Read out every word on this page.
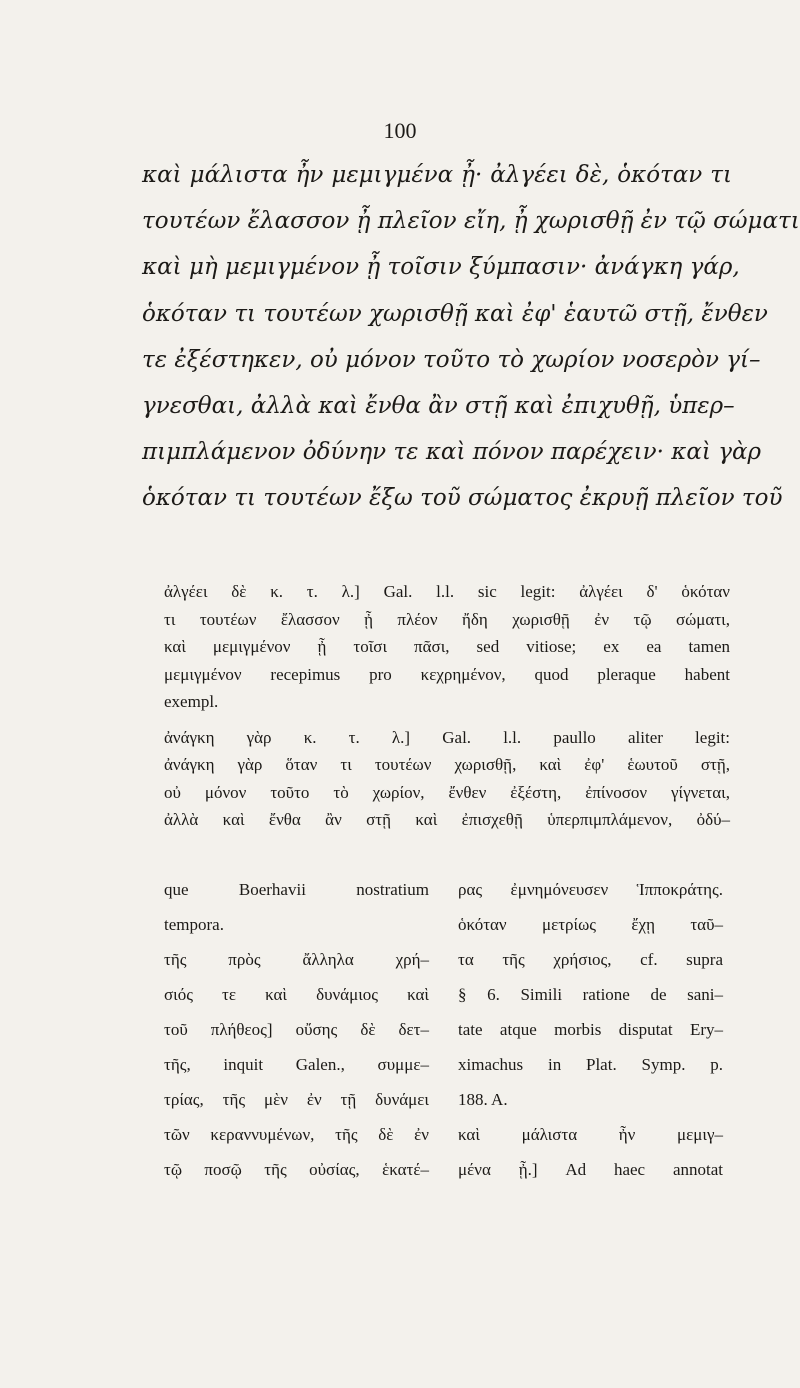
100
καὶ μάλιστα ἦν μεμιγμένα ᾖ· ἀλγέει δὲ, ὁκόταν τι
τουτέων ἔλασσον ᾖ πλεῖον εἴη, ᾖ χωρισθῇ ἐν τῷ σώματι
καὶ μὴ μεμιγμένον ᾖ τοῖσιν ξύμπασιν· ἀνάγκη γάρ,
ὁκόταν τι τουτέων χωρισθῇ καὶ ἐφ' ἑαυτῶ στῇ, ἔνθεν
τε ἐξέστηκεν, οὐ μόνον τοῦτο τὸ χωρίον νοσερὸν γί–
γνεσθαι, ἀλλὰ καὶ ἔνθα ἂν στῇ καὶ ἐπιχυθῇ, ὑπερ–
πιμπλάμενον ὀδύνην τε καὶ πόνον παρέχειν· καὶ γὰρ
ὁκόταν τι τουτέων ἔξω τοῦ σώματος ἐκρυῇ πλεῖον τοῦ
ἀλγέει δὲ κ. τ. λ.] Gal. l.l. sic legit: ἀλγέει δ' ὁκόταν
τι τουτέων ἔλασσον ᾖ πλέον ἤδη χωρισθῇ ἐν τῷ σώματι,
καὶ μεμιγμένον ᾖ τοῖσι πᾶσι, sed vitiose; ex ea tamen
μεμιγμένον recepimus pro κεχρημένον, quod pleraque habent
exempl.
ἀνάγκη γὰρ κ. τ. λ.] Gal. l.l. paullo aliter legit:
ἀνάγκη γὰρ ὅταν τι τουτέων χωρισθῇ, καὶ ἐφ' ἑωυτοῦ στῇ,
οὐ μόνον τοῦτο τὸ χωρίον, ἔνθεν ἐξέστη, ἐπίνοσον γίγνεται,
ἀλλὰ καὶ ἔνθα ἂν στῇ καὶ ἐπισχεθῇ ὑπερπιμπλάμενον, ὀδύ–
que Boerhavii nostratium
tempora.
τῆς πρὸς ἄλληλα χρή–
σιός τε καὶ δυνάμιος καὶ
τοῦ πλήθεος] οὔσης δὲ δετ–
τῆς, inquit Galen., συμμε–
τρίας, τῆς μὲν ἐν τῇ δυνάμει
τῶν κεραννυμένων, τῆς δὲ ἐν
τῷ ποσῷ τῆς οὐσίας, ἑκατέ–
ρας ἐμνημόνευσεν Ἱπποκράτης.
ὁκόταν μετρίως ἔχῃ ταῦ–
τα τῆς χρήσιος, cf. supra
§ 6. Simili ratione de sani–
tate atque morbis disputat Ery–
ximachus in Plat. Symp. p.
188. A.
καὶ μάλιστα ἦν μεμιγ–
μένα ᾖ.] Ad haec annotat
